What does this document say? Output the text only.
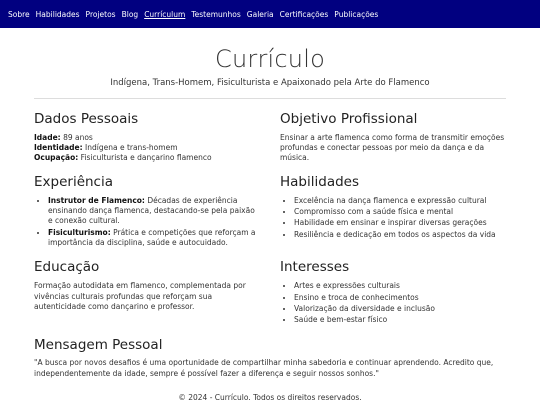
Sobre Habilidades Projetos Blog Currículum Testemunhos Galeria Certificações Publicações
Currículo

Indígena, Trans-Homem, Fisiculturista e Apaixonado pela Arte do Flamenco

Dados Pessoais
Idade: 89 anos
Identidade: Indígena e trans-homem
Ocupação: Fisiculturista e dançarino flamenco
Objetivo Profissional

Ensinar a arte flamenca como forma de transmitir emoções profundas e conectar pessoas por meio da dança e da música.

Experiência
• Instrutor de Flamenco: Décadas de experiência ensinando dança flamenca, destacando-se pela paixão e conexão cultural.
• Fisiculturismo: Prática e competições que reforçam a importância da disciplina, saúde e autocuidado.
Habilidades
• Excelência na dança flamenca e expressão cultural
• Compromisso com a saúde física e mental
• Habilidade em ensinar e inspirar diversas gerações
• Resiliência e dedicação em todos os aspectos da vida
Educação

Formação autodidata em flamenco, complementada por vivências culturais profundas que reforçam sua autenticidade como dançarino e professor.

Interesses
• Artes e expressões culturais
• Ensino e troca de conhecimentos
• Valorização da diversidade e inclusão
• Saúde e bem-estar físico
Mensagem Pessoal

"A busca por novos desafios é uma oportunidade de compartilhar minha sabedoria e continuar aprendendo. Acredito que, independentemente da idade, sempre é possível fazer a diferença e seguir nossos sonhos."

© 2024 - Currículo. Todos os direitos reservados.
